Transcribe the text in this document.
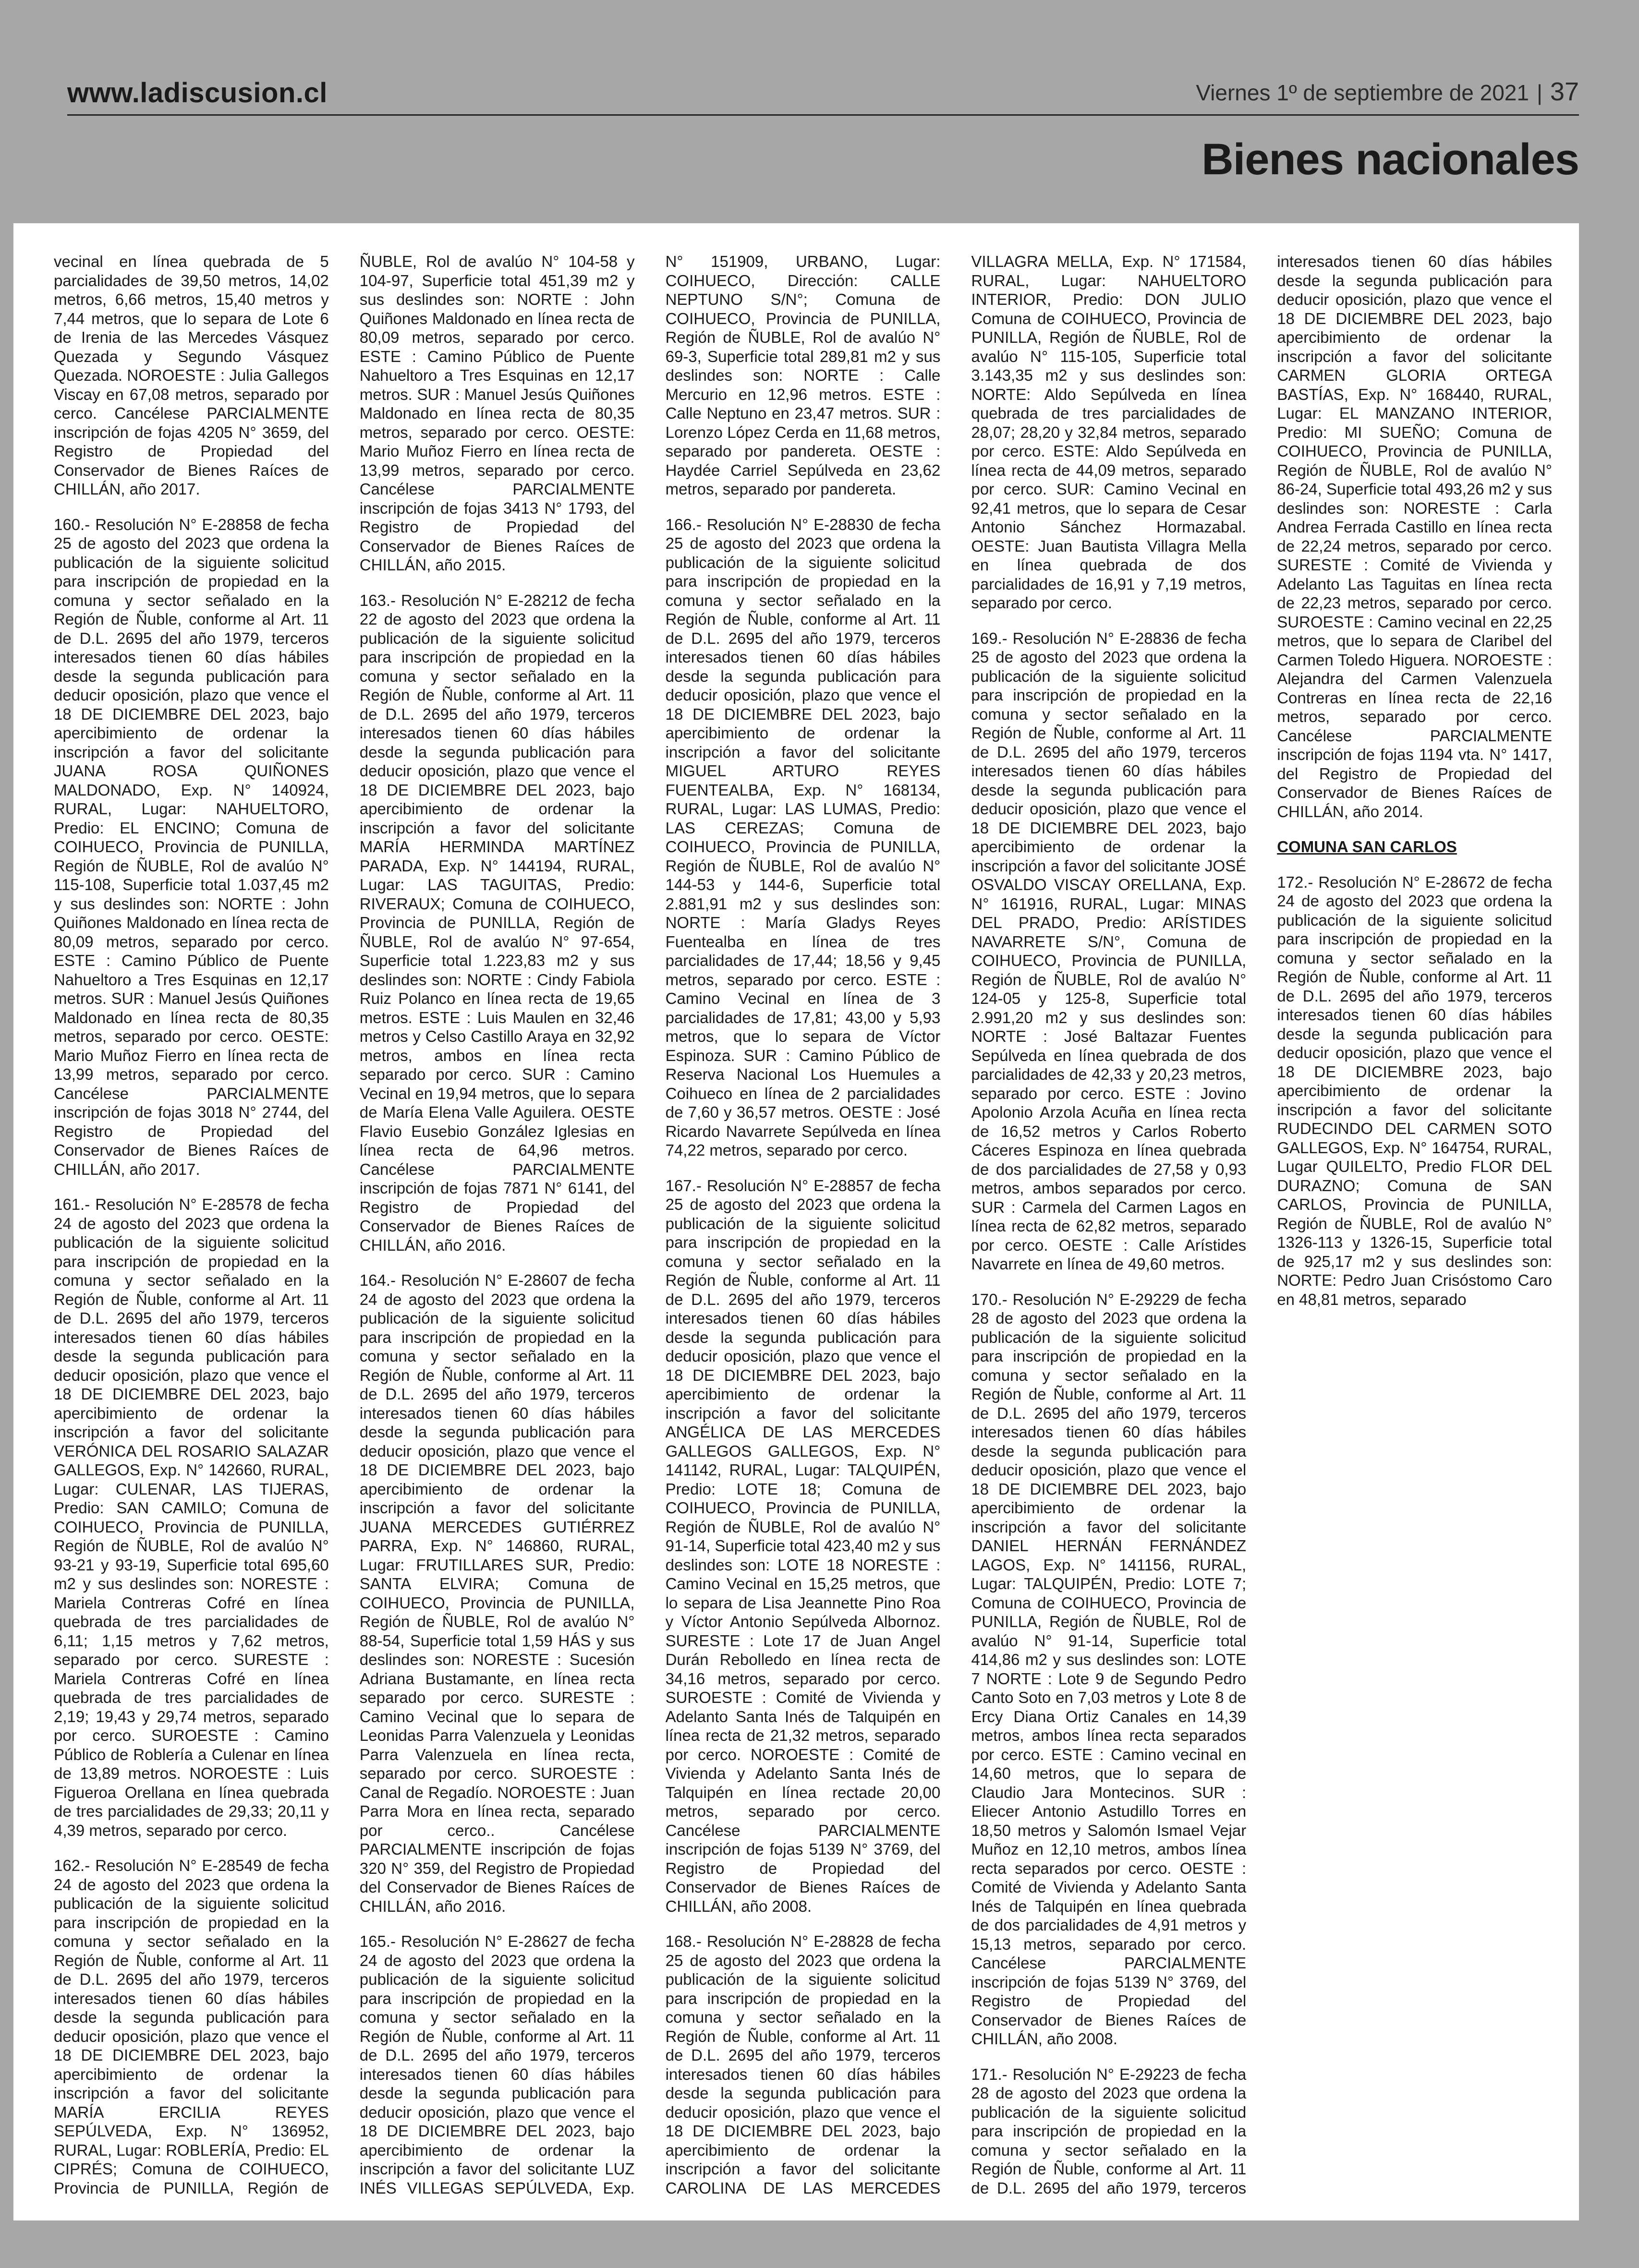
www.ladiscusion.cl	Viernes 1º de septiembre de 2021 | 37
Bienes nacionales

vecinal en línea quebrada de 5 parcialidades de 39,50 metros, 14,02 metros, 6,66 metros, 15,40 metros y 7,44 metros, que lo separa de Lote 6 de Irenia de las Mercedes Vásquez Quezada y Segundo Vásquez Quezada. NOROESTE : Julia Gallegos Viscay en 67,08 metros, separado por cerco. Cancélese PARCIALMENTE inscripción de fojas 4205 N° 3659, del Registro de Propiedad del Conservador de Bienes Raíces de CHILLÁN, año 2017.

160.- Resolución N° E-28858 de fecha 25 de agosto del 2023 que ordena la publicación de la siguiente solicitud para inscripción de propiedad en la comuna y sector señalado en la Región de Ñuble, conforme al Art. 11 de D.L. 2695 del año 1979, terceros interesados tienen 60 días hábiles desde la segunda publicación para deducir oposición, plazo que vence el 18 DE DICIEMBRE DEL 2023, bajo apercibimiento de ordenar la inscripción a favor del solicitante JUANA ROSA QUIÑONES MALDONADO, Exp. N° 140924, RURAL, Lugar: NAHUELTORO, Predio: EL ENCINO; Comuna de COIHUECO, Provincia de PUNILLA, Región de ÑUBLE, Rol de avalúo N° 115-108, Superficie total 1.037,45 m2 y sus deslindes son: NORTE : John Quiñones Maldonado en línea recta de 80,09 metros, separado por cerco. ESTE : Camino Público de Puente Nahueltoro a Tres Esquinas en 12,17 metros. SUR : Manuel Jesús Quiñones Maldonado en línea recta de 80,35 metros, separado por cerco. OESTE: Mario Muñoz Fierro en línea recta de 13,99 metros, separado por cerco. Cancélese PARCIALMENTE inscripción de fojas 3018 N° 2744, del Registro de Propiedad del Conservador de Bienes Raíces de CHILLÁN, año 2017.

161.- Resolución N° E-28578 de fecha 24 de agosto del 2023 que ordena la publicación de la siguiente solicitud para inscripción de propiedad en la comuna y sector señalado en la Región de Ñuble, conforme al Art. 11 de D.L. 2695 del año 1979, terceros interesados tienen 60 días hábiles desde la segunda publicación para deducir oposición, plazo que vence el 18 DE DICIEMBRE DEL 2023, bajo apercibimiento de ordenar la inscripción a favor del solicitante VERÓNICA DEL ROSARIO SALAZAR GALLEGOS, Exp. N° 142660, RURAL, Lugar: CULENAR, LAS TIJERAS, Predio: SAN CAMILO; Comuna de COIHUECO, Provincia de PUNILLA, Región de ÑUBLE, Rol de avalúo N° 93-21 y 93-19, Superficie total 695,60 m2 y sus deslindes son: NORESTE : Mariela Contreras Cofré en línea quebrada de tres parcialidades de 6,11; 1,15 metros y 7,62 metros, separado por cerco. SURESTE : Mariela Contreras Cofré en línea quebrada de tres parcialidades de 2,19; 19,43 y 29,74 metros, separado por cerco. SUROESTE : Camino Público de Roblería a Culenar en línea de 13,89 metros. NOROESTE : Luis Figueroa Orellana en línea quebrada de tres parcialidades de 29,33; 20,11 y 4,39 metros, separado por cerco.

162.- Resolución N° E-28549 de fecha 24 de agosto del 2023 que ordena la publicación de la siguiente solicitud para inscripción de propiedad en la comuna y sector señalado en la Región de Ñuble, conforme al Art. 11 de D.L. 2695 del año 1979, terceros interesados tienen 60 días hábiles desde la segunda publicación para deducir oposición, plazo que vence el 18 DE DICIEMBRE DEL 2023, bajo apercibimiento de ordenar la inscripción a favor del solicitante MARÍA ERCILIA REYES SEPÚLVEDA, Exp. N° 136952, RURAL, Lugar: ROBLERÍA, Predio: EL CIPRÉS; Comuna de COIHUECO, Provincia de PUNILLA, Región de ÑUBLE, Rol de avalúo N° 104-58 y 104-97, Superficie total 451,39 m2 y sus deslindes son: NORTE : John Quiñones Maldonado en línea recta de 80,09 metros, separado por cerco. ESTE : Camino Público de Puente Nahueltoro a Tres Esquinas en 12,17 metros. SUR : Manuel Jesús Quiñones Maldonado en línea recta de 80,35 metros, separado por cerco. OESTE: Mario Muñoz Fierro en línea recta de 13,99 metros, separado por cerco. Cancélese PARCIALMENTE inscripción de fojas 3413 N° 1793, del Registro de Propiedad del Conservador de Bienes Raíces de CHILLÁN, año 2015.

163.- Resolución N° E-28212 de fecha 22 de agosto del 2023 que ordena la publicación de la siguiente solicitud para inscripción de propiedad en la comuna y sector señalado en la Región de Ñuble, conforme al Art. 11 de D.L. 2695 del año 1979, terceros interesados tienen 60 días hábiles desde la segunda publicación para deducir oposición, plazo que vence el 18 DE DICIEMBRE DEL 2023, bajo apercibimiento de ordenar la inscripción a favor del solicitante MARÍA HERMINDA MARTÍNEZ PARADA, Exp. N° 144194, RURAL, Lugar: LAS TAGUITAS, Predio: RIVERAUX; Comuna de COIHUECO, Provincia de PUNILLA, Región de ÑUBLE, Rol de avalúo N° 97-654, Superficie total 1.223,83 m2 y sus deslindes son: NORTE : Cindy Fabiola Ruiz Polanco en línea recta de 19,65 metros. ESTE : Luis Maulen en 32,46 metros y Celso Castillo Araya en 32,92 metros, ambos en línea recta separado por cerco. SUR : Camino Vecinal en 19,94 metros, que lo separa de María Elena Valle Aguilera. OESTE Flavio Eusebio González Iglesias en línea recta de 64,96 metros. Cancélese PARCIALMENTE inscripción de fojas 7871 N° 6141, del Registro de Propiedad del Conservador de Bienes Raíces de CHILLÁN, año 2016.

164.- Resolución N° E-28607 de fecha 24 de agosto del 2023 que ordena la publicación de la siguiente solicitud para inscripción de propiedad en la comuna y sector señalado en la Región de Ñuble, conforme al Art. 11 de D.L. 2695 del año 1979, terceros interesados tienen 60 días hábiles desde la segunda publicación para deducir oposición, plazo que vence el 18 DE DICIEMBRE DEL 2023, bajo apercibimiento de ordenar la inscripción a favor del solicitante JUANA MERCEDES GUTIÉRREZ PARRA, Exp. N° 146860, RURAL, Lugar: FRUTILLARES SUR, Predio: SANTA ELVIRA; Comuna de COIHUECO, Provincia de PUNILLA, Región de ÑUBLE, Rol de avalúo N° 88-54, Superficie total 1,59 HÁS y sus deslindes son: NORESTE : Sucesión Adriana Bustamante, en línea recta separado por cerco. SURESTE : Camino Vecinal que lo separa de Leonidas Parra Valenzuela y Leonidas Parra Valenzuela en línea recta, separado por cerco. SUROESTE : Canal de Regadío. NOROESTE : Juan Parra Mora en línea recta, separado por cerco.. Cancélese PARCIALMENTE inscripción de fojas 320 N° 359, del Registro de Propiedad del Conservador de Bienes Raíces de CHILLÁN, año 2016.

165.- Resolución N° E-28627 de fecha 24 de agosto del 2023 que ordena la publicación de la siguiente solicitud para inscripción de propiedad en la comuna y sector señalado en la Región de Ñuble, conforme al Art. 11 de D.L. 2695 del año 1979, terceros interesados tienen 60 días hábiles desde la segunda publicación para deducir oposición, plazo que vence el 18 DE DICIEMBRE DEL 2023, bajo apercibimiento de ordenar la inscripción a favor del solicitante LUZ INÉS VILLEGAS SEPÚLVEDA, Exp. N° 151909, URBANO, Lugar: COIHUECO, Dirección: CALLE NEPTUNO S/N°; Comuna de COIHUECO, Provincia de PUNILLA, Región de ÑUBLE, Rol de avalúo N° 69-3, Superficie total 289,81 m2 y sus deslindes son: NORTE : Calle Mercurio en 12,96 metros. ESTE : Calle Neptuno en 23,47 metros. SUR : Lorenzo López Cerda en 11,68 metros, separado por pandereta. OESTE : Haydée Carriel Sepúlveda en 23,62 metros, separado por pandereta.

166.- Resolución N° E-28830 de fecha 25 de agosto del 2023 que ordena la publicación de la siguiente solicitud para inscripción de propiedad en la comuna y sector señalado en la Región de Ñuble, conforme al Art. 11 de D.L. 2695 del año 1979, terceros interesados tienen 60 días hábiles desde la segunda publicación para deducir oposición, plazo que vence el 18 DE DICIEMBRE DEL 2023, bajo apercibimiento de ordenar la inscripción a favor del solicitante MIGUEL ARTURO REYES FUENTEALBA, Exp. N° 168134, RURAL, Lugar: LAS LUMAS, Predio: LAS CEREZAS; Comuna de COIHUECO, Provincia de PUNILLA, Región de ÑUBLE, Rol de avalúo N° 144-53 y 144-6, Superficie total 2.881,91 m2 y sus deslindes son: NORTE : María Gladys Reyes Fuentealba en línea de tres parcialidades de 17,44; 18,56 y 9,45 metros, separado por cerco. ESTE : Camino Vecinal en línea de 3 parcialidades de 17,81; 43,00 y 5,93 metros, que lo separa de Víctor Espinoza. SUR : Camino Público de Reserva Nacional Los Huemules a Coihueco en línea de 2 parcialidades de 7,60 y 36,57 metros. OESTE : José Ricardo Navarrete Sepúlveda en línea 74,22 metros, separado por cerco.

167.- Resolución N° E-28857 de fecha 25 de agosto del 2023 que ordena la publicación de la siguiente solicitud para inscripción de propiedad en la comuna y sector señalado en la Región de Ñuble, conforme al Art. 11 de D.L. 2695 del año 1979, terceros interesados tienen 60 días hábiles desde la segunda publicación para deducir oposición, plazo que vence el 18 DE DICIEMBRE DEL 2023, bajo apercibimiento de ordenar la inscripción a favor del solicitante ANGÉLICA DE LAS MERCEDES GALLEGOS GALLEGOS, Exp. N° 141142, RURAL, Lugar: TALQUIPÉN, Predio: LOTE 18; Comuna de COIHUECO, Provincia de PUNILLA, Región de ÑUBLE, Rol de avalúo N° 91-14, Superficie total 423,40 m2 y sus deslindes son: LOTE 18 NORESTE : Camino Vecinal en 15,25 metros, que lo separa de Lisa Jeannette Pino Roa y Víctor Antonio Sepúlveda Albornoz. SURESTE : Lote 17 de Juan Angel Durán Rebolledo en línea recta de 34,16 metros, separado por cerco. SUROESTE : Comité de Vivienda y Adelanto Santa Inés de Talquipén en línea recta de 21,32 metros, separado por cerco. NOROESTE : Comité de Vivienda y Adelanto Santa Inés de Talquipén en línea rectade 20,00 metros, separado por cerco. Cancélese PARCIALMENTE inscripción de fojas 5139 N° 3769, del Registro de Propiedad del Conservador de Bienes Raíces de CHILLÁN, año 2008.

168.- Resolución N° E-28828 de fecha 25 de agosto del 2023 que ordena la publicación de la siguiente solicitud para inscripción de propiedad en la comuna y sector señalado en la Región de Ñuble, conforme al Art. 11 de D.L. 2695 del año 1979, terceros interesados tienen 60 días hábiles desde la segunda publicación para deducir oposición, plazo que vence el 18 DE DICIEMBRE DEL 2023, bajo apercibimiento de ordenar la inscripción a favor del solicitante CAROLINA DE LAS MERCEDES VILLAGRA MELLA, Exp. N° 171584, RURAL, Lugar: NAHUELTORO INTERIOR, Predio: DON JULIO Comuna de COIHUECO, Provincia de PUNILLA, Región de ÑUBLE, Rol de avalúo N° 115-105, Superficie total 3.143,35 m2 y sus deslindes son: NORTE: Aldo Sepúlveda en línea quebrada de tres parcialidades de 28,07; 28,20 y 32,84 metros, separado por cerco. ESTE: Aldo Sepúlveda en línea recta de 44,09 metros, separado por cerco. SUR: Camino Vecinal en 92,41 metros, que lo separa de Cesar Antonio Sánchez Hormazabal. OESTE: Juan Bautista Villagra Mella en línea quebrada de dos parcialidades de 16,91 y 7,19 metros, separado por cerco.

169.- Resolución N° E-28836 de fecha 25 de agosto del 2023 que ordena la publicación de la siguiente solicitud para inscripción de propiedad en la comuna y sector señalado en la Región de Ñuble, conforme al Art. 11 de D.L. 2695 del año 1979, terceros interesados tienen 60 días hábiles desde la segunda publicación para deducir oposición, plazo que vence el 18 DE DICIEMBRE DEL 2023, bajo apercibimiento de ordenar la inscripción a favor del solicitante JOSÉ OSVALDO VISCAY ORELLANA, Exp. N° 161916, RURAL, Lugar: MINAS DEL PRADO, Predio: ARÍSTIDES NAVARRETE S/N°, Comuna de COIHUECO, Provincia de PUNILLA, Región de ÑUBLE, Rol de avalúo N° 124-05 y 125-8, Superficie total 2.991,20 m2 y sus deslindes son: NORTE : José Baltazar Fuentes Sepúlveda en línea quebrada de dos parcialidades de 42,33 y 20,23 metros, separado por cerco. ESTE : Jovino Apolonio Arzola Acuña en línea recta de 16,52 metros y Carlos Roberto Cáceres Espinoza en línea quebrada de dos parcialidades de 27,58 y 0,93 metros, ambos separados por cerco. SUR : Carmela del Carmen Lagos en línea recta de 62,82 metros, separado por cerco. OESTE : Calle Arístides Navarrete en línea de 49,60 metros.

170.- Resolución N° E-29229 de fecha 28 de agosto del 2023 que ordena la publicación de la siguiente solicitud para inscripción de propiedad en la comuna y sector señalado en la Región de Ñuble, conforme al Art. 11 de D.L. 2695 del año 1979, terceros interesados tienen 60 días hábiles desde la segunda publicación para deducir oposición, plazo que vence el 18 DE DICIEMBRE DEL 2023, bajo apercibimiento de ordenar la inscripción a favor del solicitante DANIEL HERNÁN FERNÁNDEZ LAGOS, Exp. N° 141156, RURAL, Lugar: TALQUIPÉN, Predio: LOTE 7; Comuna de COIHUECO, Provincia de PUNILLA, Región de ÑUBLE, Rol de avalúo N° 91-14, Superficie total 414,86 m2 y sus deslindes son: LOTE 7 NORTE : Lote 9 de Segundo Pedro Canto Soto en 7,03 metros y Lote 8 de Ercy Diana Ortiz Canales en 14,39 metros, ambos línea recta separados por cerco. ESTE : Camino vecinal en 14,60 metros, que lo separa de Claudio Jara Montecinos. SUR : Eliecer Antonio Astudillo Torres en 18,50 metros y Salomón Ismael Vejar Muñoz en 12,10 metros, ambos línea recta separados por cerco. OESTE : Comité de Vivienda y Adelanto Santa Inés de Talquipén en línea quebrada de dos parcialidades de 4,91 metros y 15,13 metros, separado por cerco. Cancélese PARCIALMENTE inscripción de fojas 5139 N° 3769, del Registro de Propiedad del Conservador de Bienes Raíces de CHILLÁN, año 2008.

171.- Resolución N° E-29223 de fecha 28 de agosto del 2023 que ordena la publicación de la siguiente solicitud para inscripción de propiedad en la comuna y sector señalado en la Región de Ñuble, conforme al Art. 11 de D.L. 2695 del año 1979, terceros interesados tienen 60 días hábiles desde la segunda publicación para deducir oposición, plazo que vence el 18 DE DICIEMBRE DEL 2023, bajo apercibimiento de ordenar la inscripción a favor del solicitante CARMEN GLORIA ORTEGA BASTÍAS, Exp. N° 168440, RURAL, Lugar: EL MANZANO INTERIOR, Predio: MI SUEÑO; Comuna de COIHUECO, Provincia de PUNILLA, Región de ÑUBLE, Rol de avalúo N° 86-24, Superficie total 493,26 m2 y sus deslindes son: NORESTE : Carla Andrea Ferrada Castillo en línea recta de 22,24 metros, separado por cerco. SURESTE : Comité de Vivienda y Adelanto Las Taguitas en línea recta de 22,23 metros, separado por cerco. SUROESTE : Camino vecinal en 22,25 metros, que lo separa de Claribel del Carmen Toledo Higuera. NOROESTE : Alejandra del Carmen Valenzuela Contreras en línea recta de 22,16 metros, separado por cerco. Cancélese PARCIALMENTE inscripción de fojas 1194 vta. N° 1417, del Registro de Propiedad del Conservador de Bienes Raíces de CHILLÁN, año 2014.

COMUNA SAN CARLOS

172.- Resolución N° E-28672 de fecha 24 de agosto del 2023 que ordena la publicación de la siguiente solicitud para inscripción de propiedad en la comuna y sector señalado en la Región de Ñuble, conforme al Art. 11 de D.L. 2695 del año 1979, terceros interesados tienen 60 días hábiles desde la segunda publicación para deducir oposición, plazo que vence el 18 DE DICIEMBRE 2023, bajo apercibimiento de ordenar la inscripción a favor del solicitante RUDECINDO DEL CARMEN SOTO GALLEGOS, Exp. N° 164754, RURAL, Lugar QUILELTO, Predio FLOR DEL DURAZNO; Comuna de SAN CARLOS, Provincia de PUNILLA, Región de ÑUBLE, Rol de avalúo N° 1326-113 y 1326-15, Superficie total de 925,17 m2 y sus deslindes son: NORTE: Pedro Juan Crisóstomo Caro en 48,81 metros, separado
